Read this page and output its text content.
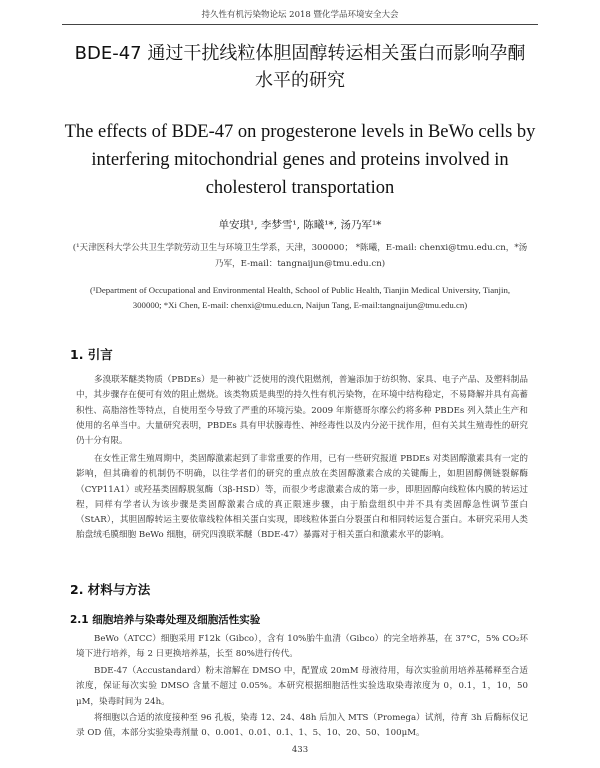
持久性有机污染物论坛 2018 暨化学品环境安全大会
BDE-47 通过干扰线粒体胆固醇转运相关蛋白而影响孕酮水平的研究
The effects of BDE-47 on progesterone levels in BeWo cells by interfering mitochondrial genes and proteins involved in cholesterol transportation
单安琪¹, 李梦雪¹, 陈曦¹*, 汤乃军¹*
(¹天津医科大学公共卫生学院劳动卫生与环境卫生学系，天津，300000； *陈曦，E-mail: chenxi@tmu.edu.cn，*汤乃军，E-mail：tangnaijun@tmu.edu.cn)
(¹Department of Occupational and Environmental Health, School of Public Health, Tianjin Medical University, Tianjin, 300000; *Xi Chen, E-mail: chenxi@tmu.edu.cn, Naijun Tang, E-mail:tangnaijun@tmu.edu.cn)
1. 引言

多溴联苯醚类物质（PBDEs）是一种被广泛使用的溴代阻燃剂，普遍添加于纺织物、家具、电子产品、及塑料制品中，其步骤存在便可有效的阻止燃烧。该类物质是典型的持久性有机污染物，在环境中结构稳定，不易降解并具有高蓄积性、高脂溶性等特点，自使用至今导致了严重的环境污染。2009 年斯德哥尔摩公约将多种 PBDEs 列入禁止生产和使用的名单当中。大量研究表明，PBDEs 具有甲状腺毒性、神经毒性以及内分泌干扰作用，但有关其生殖毒性的研究仍十分有限。

在女性正常生殖周期中，类固醇激素起到了非常重要的作用，已有一些研究报道 PBDEs 对类固醇激素具有一定的影响，但其确着的机制仍不明确，以往学者们的研究的重点放在类固醇激素合成的关键酶上，如胆固醇侧链裂解酶（CYP11A1）或羟基类固醇脱氢酶（3β-HSD）等，而很少考虑激素合成的第一步，即胆固醇向线粒体内膜的转运过程，同样有学者认为该步骤是类固醇激素合成的真正限速步骤，由于胎盘组织中并不具有类固醇急性调节蛋白（StAR），其胆固醇转运主要依靠线粒体相关蛋白实现，即线粒体蛋白分裂蛋白和相同转运复合蛋白。本研究采用人类胎盘绒毛膜细胞 BeWo 细胞，研究四溴联苯醚（BDE-47）暴露对于相关蛋白和激素水平的影响。

2. 材料与方法
2.1 细胞培养与染毒处理及细胞活性实验

BeWo（ATCC）细胞采用 F12k（Gibco），含有 10%胎牛血清（Gibco）的完全培养基，在 37°C，5% CO₂环境下进行培养，每 2 日更换培养基，长至 80%进行传代。

BDE-47（Accustandard）粉末溶解在 DMSO 中，配置成 20mM 母液待用，每次实验前用培养基稀释至合适浓度，保证每次实验 DMSO 含量不超过 0.05%。本研究根据细胞活性实验选取染毒浓度为 0，0.1，1，10，50 μM，染毒时间为 24h。

将细胞以合适的浓度接种至 96 孔板，染毒 12、24、48h 后加入 MTS（Promega）试剂，待育 3h 后酶标仪记录 OD 值，本部分实验染毒剂量 0、0.001、0.01、0.1、1、5、10、20、50、100μM。

433
